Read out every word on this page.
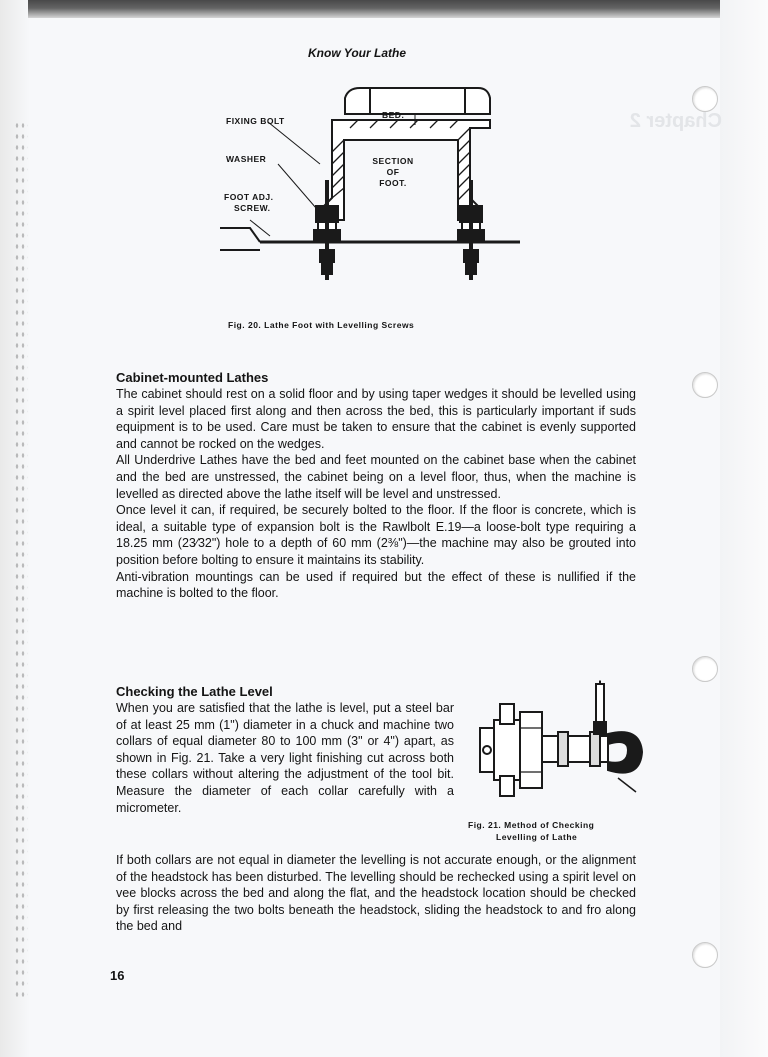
Chapter 2
Know Your Lathe
FIXING BOLT
BED.
WASHER	SECTION
OF
FOOT.
FOOT ADJ.
SCREW.
Fig. 20. Lathe Foot with Levelling Screws
Cabinet-mounted Lathes

The cabinet should rest on a solid floor and by using taper wedges it should be levelled using a spirit level placed first along and then across the bed, this is particularly important if suds equipment is to be used. Care must be taken to ensure that the cabinet is evenly supported and cannot be rocked on the wedges.

All Underdrive Lathes have the bed and feet mounted on the cabinet base when the cabinet and the bed are unstressed, the cabinet being on a level floor, thus, when the machine is levelled as directed above the lathe itself will be level and unstressed.

Once level it can, if required, be securely bolted to the floor. If the floor is concrete, which is ideal, a suitable type of expansion bolt is the Rawlbolt E.19—a loose-bolt type requiring a 18.25 mm (23⁄32") hole to a depth of 60 mm (2⅜")—the machine may also be grouted into position before bolting to ensure it maintains its stability.

Anti-vibration mountings can be used if required but the effect of these is nullified if the machine is bolted to the floor.

Checking the Lathe Level

When you are satisfied that the lathe is level, put a steel bar of at least 25 mm (1") diameter in a chuck and machine two collars of equal diameter 80 to 100 mm (3" or 4") apart, as shown in Fig. 21. Take a very light finishing cut across both these collars without altering the adjustment of the tool bit. Measure the diameter of each collar carefully with a micrometer.

Fig. 21. Method of Checking
Levelling of Lathe

If both collars are not equal in diameter the levelling is not accurate enough, or the alignment of the headstock has been disturbed. The levelling should be rechecked using a spirit level on vee blocks across the bed and along the flat, and the headstock location should be checked by first releasing the two bolts beneath the headstock, sliding the headstock to and fro along the bed and

16
